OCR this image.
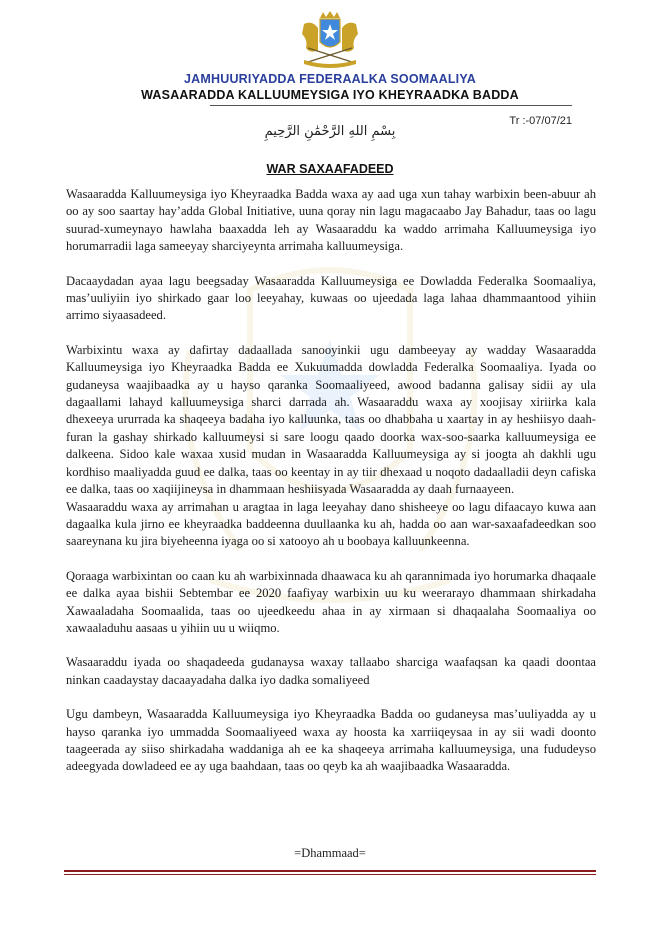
JAMHUURIYADDA FEDERAALKA SOOMAALIYA
WASAARADDA KALLUUMEYSIGA IYO KHEYRAADKA BADDA
Tr :-07/07/21
بِسْمِ اللهِ الرَّحْمَٰنِ الرَّحِيمِ
WAR SAXAAFADEED

Wasaaradda Kalluumeysiga iyo Kheyraadka Badda waxa ay aad uga xun tahay warbixin been-abuur ah oo ay soo saartay hay’adda Global Initiative, uuna qoray nin lagu magacaabo Jay Bahadur, taas oo lagu suurad-xumeynayo hawlaha baaxadda leh ay Wasaaraddu ka waddo arrimaha Kalluumeysiga iyo horumarradii laga sameeyay sharciyeynta arrimaha kalluumeysiga.

Dacaaydadan ayaa lagu beegsaday Wasaaradda Kalluumeysiga ee Dowladda Federalka Soomaaliya, mas’uuliyiin iyo shirkado gaar loo leeyahay, kuwaas oo ujeedada laga lahaa dhammaantood yihiin arrimo siyaasadeed.

Warbixintu waxa ay dafirtay dadaallada sanooyinkii ugu dambeeyay ay wadday Wasaaradda Kalluumeysiga iyo Kheyraadka Badda ee Xukuumadda dowladda Federalka Soomaaliya. Iyada oo gudaneysa waajibaadka ay u hayso qaranka Soomaaliyeed, awood badanna galisay sidii ay ula dagaallami lahayd kalluumeysiga sharci darrada ah. Wasaaraddu waxa ay xoojisay xiriirka kala dhexeeya ururrada ka shaqeeya badaha iyo kalluunka, taas oo dhabbaha u xaartay in ay heshiisyo daah-furan la gashay shirkado kalluumeysi si sare loogu qaado doorka wax-soo-saarka kalluumeysiga ee dalkeena. Sidoo kale waxaa xusid mudan in Wasaaradda Kalluumeysiga ay si joogta ah dakhli ugu kordhiso maaliyadda guud ee dalka, taas oo keentay in ay tiir dhexaad u noqoto dadaalladii deyn cafiska ee dalka, taas oo xaqiijineysa in dhammaan heshiisyada Wasaaradda ay daah furnaayeen.

Wasaaraddu waxa ay arrimahan u aragtaa in laga leeyahay dano shisheeye oo lagu difaacayo kuwa aan dagaalka kula jirno ee kheyraadka baddeenna duullaanka ku ah, hadda oo aan war-saxaafadeedkan soo saareynana ku jira biyeheenna iyaga oo si xatooyo ah u boobaya kalluunkeenna.

Qoraaga warbixintan oo caan ku ah warbixinnada dhaawaca ku ah qarannimada iyo horumarka dhaqaale ee dalka ayaa bishii Sebtembar ee 2020 faafiyay warbixin uu ku weerarayo dhammaan shirkadaha Xawaaladaha Soomaalida, taas oo ujeedkeedu ahaa in ay xirmaan si dhaqaalaha Soomaaliya oo xawaaladuhu aasaas u yihiin uu u wiiqmo.

Wasaaraddu iyada oo shaqadeeda gudanaysa waxay tallaabo sharciga waafaqsan ka qaadi doontaa ninkan caadaystay dacaayadaha dalka iyo dadka somaliyeed

Ugu dambeyn, Wasaaradda Kalluumeysiga iyo Kheyraadka Badda oo gudaneysa mas’uuliyadda ay u hayso qaranka iyo ummadda Soomaaliyeed waxa ay hoosta ka xarriiqeysaa in ay sii wadi doonto taageerada ay siiso shirkadaha waddaniga ah ee ka shaqeeya arrimaha kalluumeysiga, una fududeyso adeegyada dowladeed ee ay uga baahdaan, taas oo qeyb ka ah waajibaadka Wasaaradda.

=Dhammaad=
